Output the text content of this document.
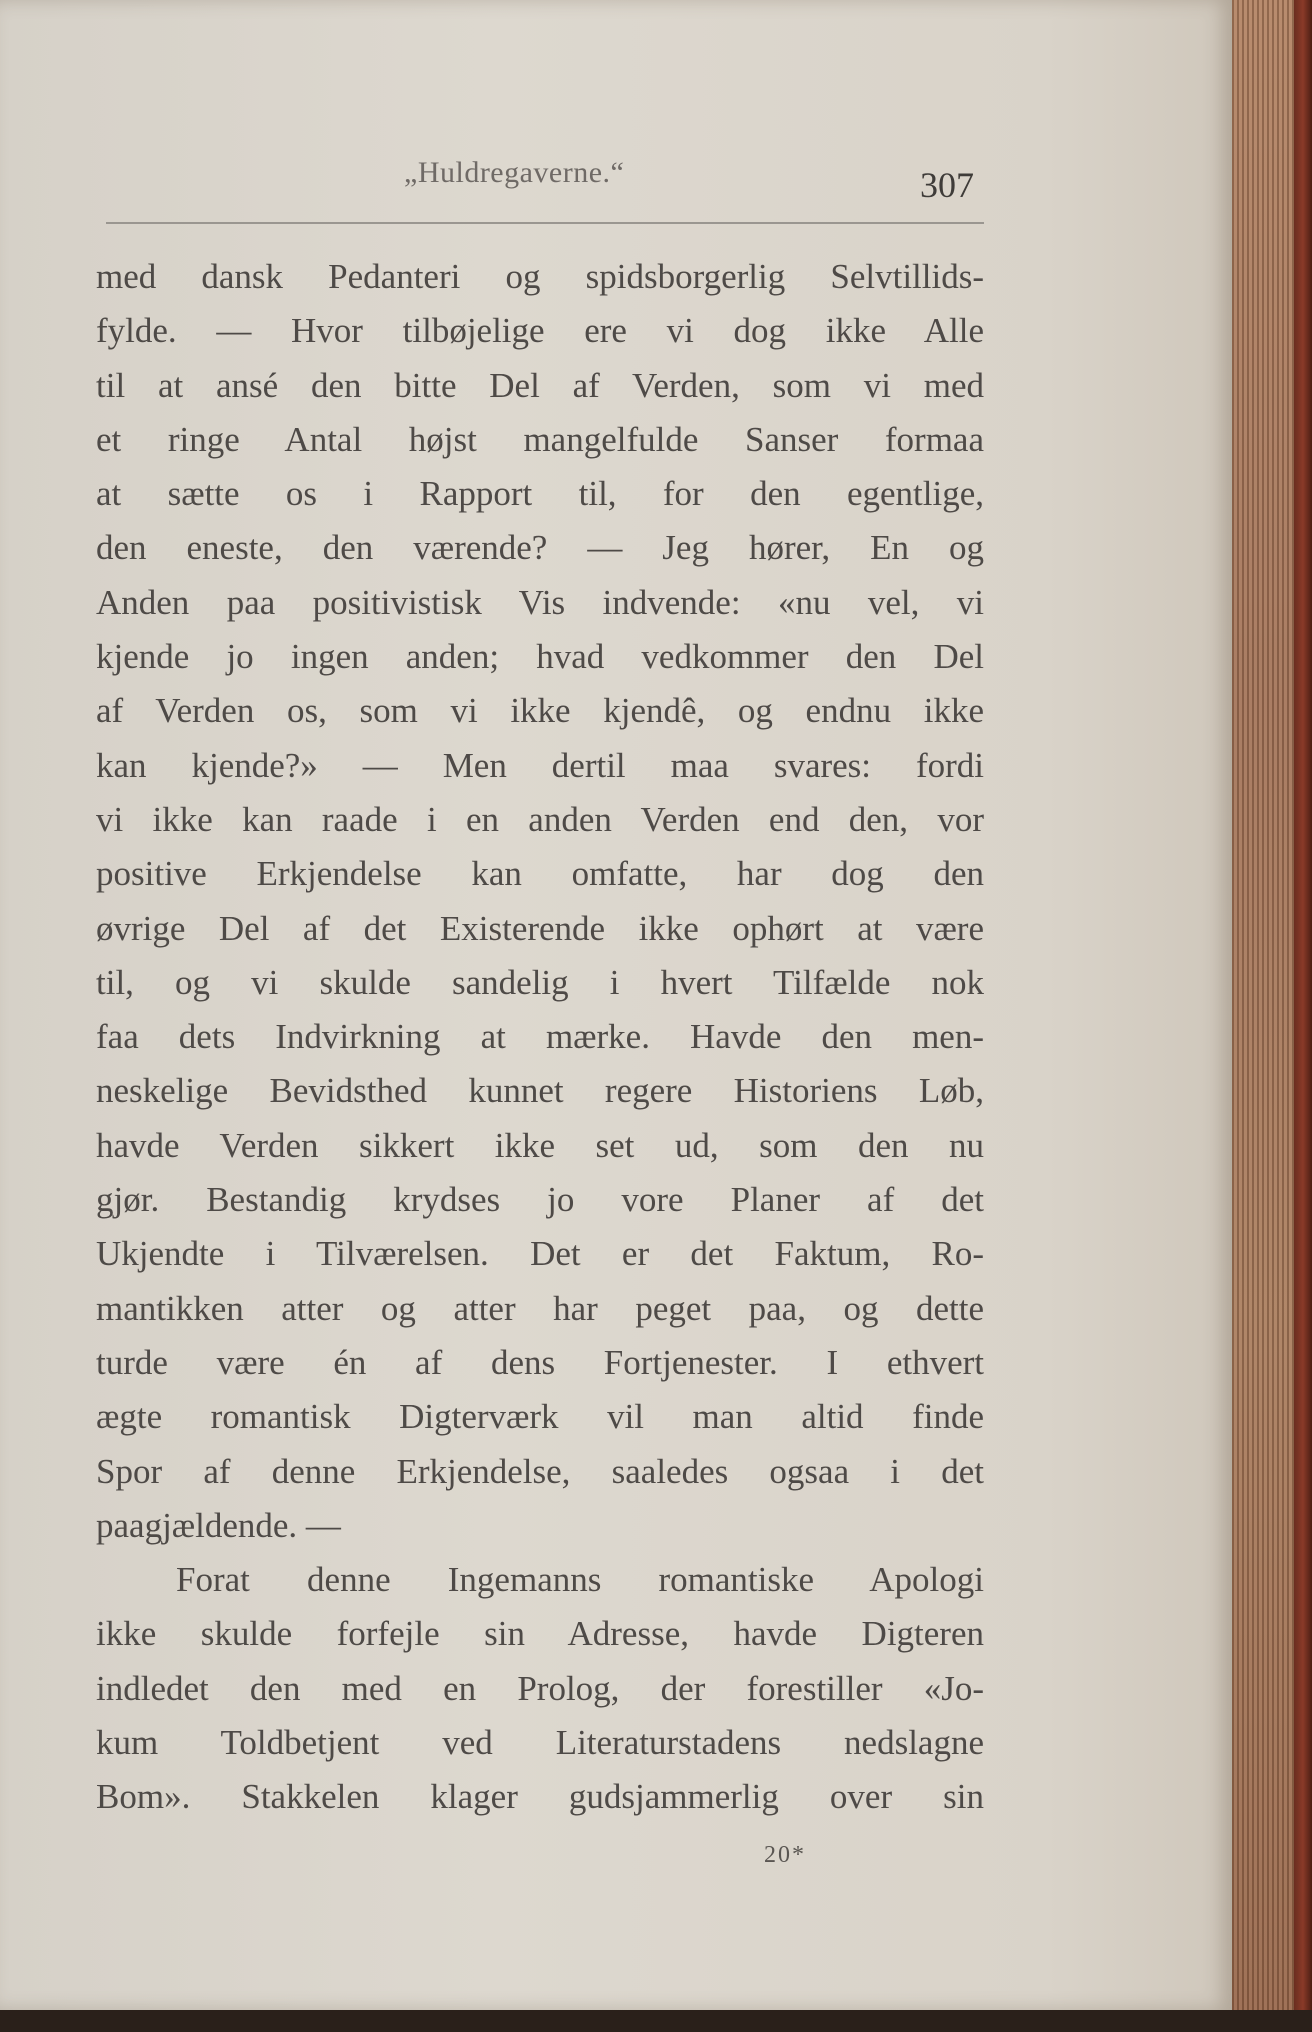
„Huldregaverne.“	307
med dansk Pedanteri og spidsborgerlig Selvtillids-
fylde. — Hvor tilbøjelige ere vi dog ikke Alle
til at ansé den bitte Del af Verden, som vi med
et ringe Antal højst mangelfulde Sanser formaa
at sætte os i Rapport til, for den egentlige,
den eneste, den værende? — Jeg hører, En og
Anden paa positivistisk Vis indvende: «nu vel, vi
kjende jo ingen anden; hvad vedkommer den Del
af Verden os, som vi ikke kjendê, og endnu ikke
kan kjende?» — Men dertil maa svares: fordi
vi ikke kan raade i en anden Verden end den, vor
positive Erkjendelse kan omfatte, har dog den
øvrige Del af det Existerende ikke ophørt at være
til, og vi skulde sandelig i hvert Tilfælde nok
faa dets Indvirkning at mærke. Havde den men-
neskelige Bevidsthed kunnet regere Historiens Løb,
havde Verden sikkert ikke set ud, som den nu
gjør. Bestandig krydses jo vore Planer af det
Ukjendte i Tilværelsen. Det er det Faktum, Ro-
mantikken atter og atter har peget paa, og dette
turde være én af dens Fortjenester. I ethvert
ægte romantisk Digterværk vil man altid finde
Spor af denne Erkjendelse, saaledes ogsaa i det
paagjældende. —
Forat denne Ingemanns romantiske Apologi
ikke skulde forfejle sin Adresse, havde Digteren
indledet den med en Prolog, der forestiller «Jo-
kum Toldbetjent ved Literaturstadens nedslagne
Bom». Stakkelen klager gudsjammerlig over sin
20*
